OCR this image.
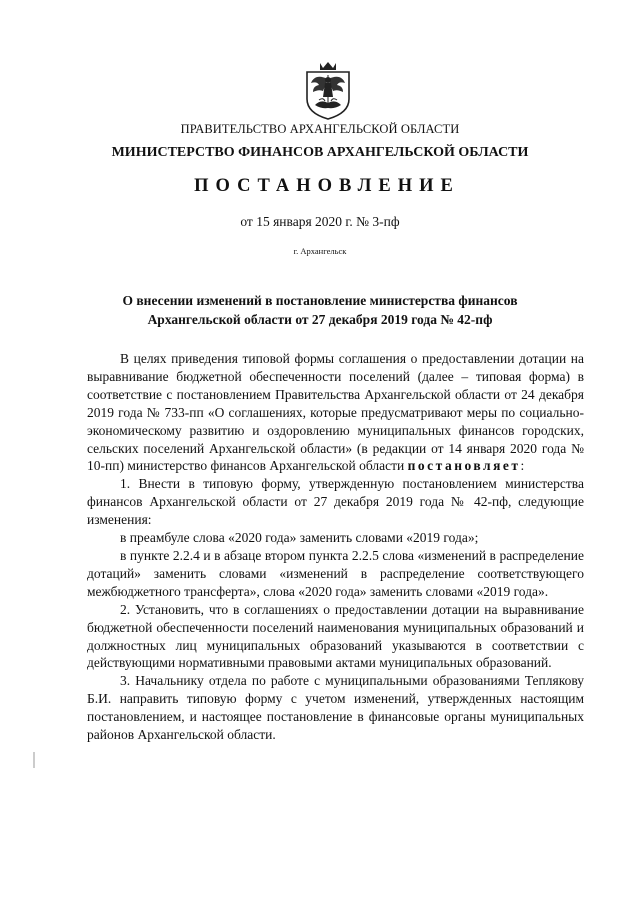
ПРАВИТЕЛЬСТВО АРХАНГЕЛЬСКОЙ ОБЛАСТИ
МИНИСТЕРСТВО ФИНАНСОВ АРХАНГЕЛЬСКОЙ ОБЛАСТИ
ПОСТАНОВЛЕНИЕ
от 15 января 2020 г. № 3-пф
г. Архангельск
О внесении изменений в постановление министерства финансов
Архангельской области от 27 декабря 2019 года № 42-пф

В целях приведения типовой формы соглашения о предоставлении дотации на выравнивание бюджетной обеспеченности поселений (далее – типовая форма) в соответствие с постановлением Правительства Архангельской области от 24 декабря 2019 года № 733-пп «О соглашениях, которые предусматривают меры по социально-экономическому развитию и оздоровлению муниципальных финансов городских, сельских поселений Архангельской области» (в редакции от 14 января 2020 года № 10-пп) министерство финансов Архангельской области постановляет:

1. Внести в типовую форму, утвержденную постановлением министерства финансов Архангельской области от 27 декабря 2019 года № 42-пф, следующие изменения:

в преамбуле слова «2020 года» заменить словами «2019 года»;

в пункте 2.2.4 и в абзаце втором пункта 2.2.5 слова «изменений в распределение дотаций» заменить словами «изменений в распределение соответствующего межбюджетного трансферта», слова «2020 года» заменить словами «2019 года».

2. Установить, что в соглашениях о предоставлении дотации на выравнивание бюджетной обеспеченности поселений наименования муниципальных образований и должностных лиц муниципальных образований указываются в соответствии с действующими нормативными правовыми актами муниципальных образований.

3. Начальнику отдела по работе с муниципальными образованиями Теплякову Б.И. направить типовую форму с учетом изменений, утвержденных настоящим постановлением, и настоящее постановление в финансовые органы муниципальных районов Архангельской области.
